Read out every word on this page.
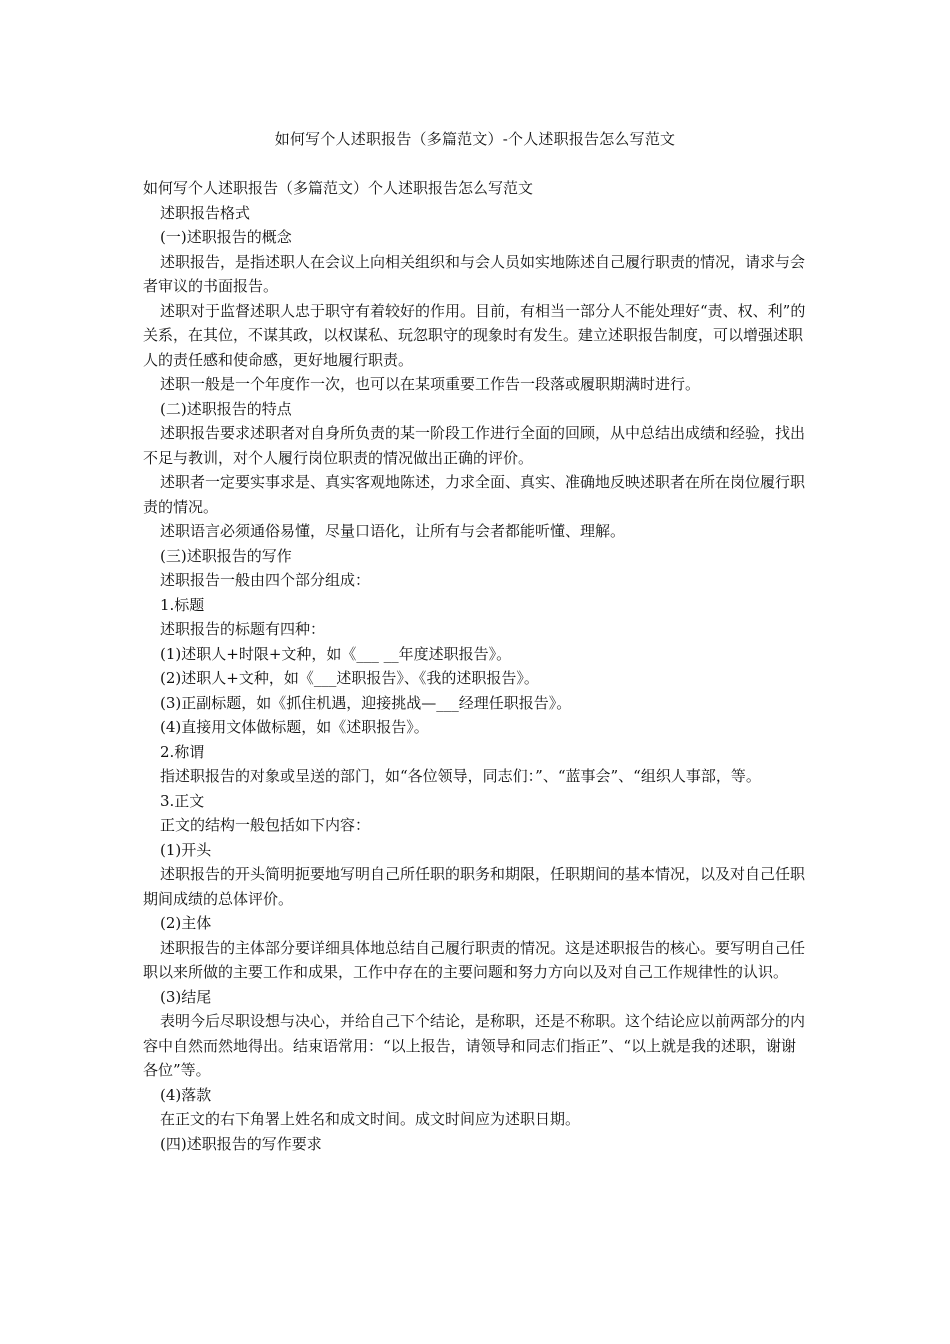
如何写个人述职报告（多篇范文）-个人述职报告怎么写范文

如何写个人述职报告（多篇范文）个人述职报告怎么写范文

述职报告格式

(一)述职报告的概念

述职报告，是指述职人在会议上向相关组织和与会人员如实地陈述自己履行职责的情况，请求与会者审议的书面报告。

述职对于监督述职人忠于职守有着较好的作用。目前，有相当一部分人不能处理好“责、权、利”的关系，在其位，不谋其政，以权谋私、玩忽职守的现象时有发生。建立述职报告制度，可以增强述职人的责任感和使命感，更好地履行职责。

述职一般是一个年度作一次，也可以在某项重要工作告一段落或履职期满时进行。

(二)述职报告的特点

述职报告要求述职者对自身所负责的某一阶段工作进行全面的回顾，从中总结出成绩和经验，找出不足与教训，对个人履行岗位职责的情况做出正确的评价。

述职者一定要实事求是、真实客观地陈述，力求全面、真实、准确地反映述职者在所在岗位履行职责的情况。

述职语言必须通俗易懂，尽量口语化，让所有与会者都能听懂、理解。

(三)述职报告的写作

述职报告一般由四个部分组成：

1.标题

述职报告的标题有四种：

(1)述职人+时限+文种，如《___ __年度述职报告》。

(2)述职人+文种，如《___述职报告》、《我的述职报告》。

(3)正副标题，如《抓住机遇，迎接挑战—___经理任职报告》。

(4)直接用文体做标题，如《述职报告》。

2.称谓

指述职报告的对象或呈送的部门，如“各位领导，同志们：”、“蓝事会”、“组织人事部，等。

3.正文

正文的结构一般包括如下内容：

(1)开头

述职报告的开头简明扼要地写明自己所任职的职务和期限，任职期间的基本情况，以及对自己任职期间成绩的总体评价。

(2)主体

述职报告的主体部分要详细具体地总结自己履行职责的情况。这是述职报告的核心。要写明自己任职以来所做的主要工作和成果，工作中存在的主要问题和努力方向以及对自己工作规律性的认识。

(3)结尾

表明今后尽职设想与决心，并给自己下个结论，是称职，还是不称职。这个结论应以前两部分的内容中自然而然地得出。结束语常用：“以上报告，请领导和同志们指正”、“以上就是我的述职，谢谢各位”等。

(4)落款

在正文的右下角署上姓名和成文时间。成文时间应为述职日期。

(四)述职报告的写作要求
